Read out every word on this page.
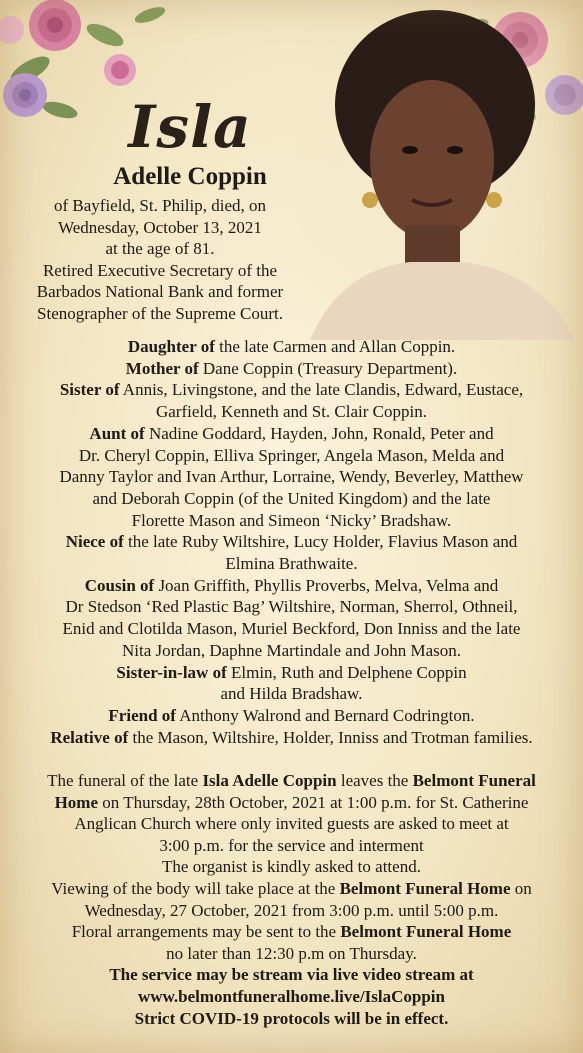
Isla
Adelle Coppin
of Bayfield, St. Philip, died, on
Wednesday, October 13, 2021
at the age of 81.
Retired Executive Secretary of the
Barbados National Bank and former
Stenographer of the Supreme Court.
Daughter of the late Carmen and Allan Coppin.
Mother of Dane Coppin (Treasury Department).
Sister of Annis, Livingstone, and the late Clandis, Edward, Eustace,
Garfield, Kenneth and St. Clair Coppin.
Aunt of Nadine Goddard, Hayden, John, Ronald, Peter and
Dr. Cheryl Coppin, Elliva Springer, Angela Mason, Melda and
Danny Taylor and Ivan Arthur, Lorraine, Wendy, Beverley, Matthew
and Deborah Coppin (of the United Kingdom) and the late
Florette Mason and Simeon ‘Nicky’ Bradshaw.
Niece of the late Ruby Wiltshire, Lucy Holder, Flavius Mason and
Elmina Brathwaite.
Cousin of Joan Griffith, Phyllis Proverbs, Melva, Velma and
Dr Stedson ‘Red Plastic Bag’ Wiltshire, Norman, Sherrol, Othneil,
Enid and Clotilda Mason, Muriel Beckford, Don Inniss and the late
Nita Jordan, Daphne Martindale and John Mason.
Sister-in-law of Elmin, Ruth and Delphene Coppin
and Hilda Bradshaw.
Friend of Anthony Walrond and Bernard Codrington.
Relative of the Mason, Wiltshire, Holder, Inniss and Trotman families.
The funeral of the late Isla Adelle Coppin leaves the Belmont Funeral
Home on Thursday, 28th October, 2021 at 1:00 p.m. for St. Catherine
Anglican Church where only invited guests are asked to meet at
3:00 p.m. for the service and interment
The organist is kindly asked to attend.
Viewing of the body will take place at the Belmont Funeral Home on
Wednesday, 27 October, 2021 from 3:00 p.m. until 5:00 p.m.
Floral arrangements may be sent to the Belmont Funeral Home
no later than 12:30 p.m on Thursday.
The service may be stream via live video stream at
www.belmontfuneralhome.live/IslaCoppin
Strict COVID-19 protocols will be in effect.
